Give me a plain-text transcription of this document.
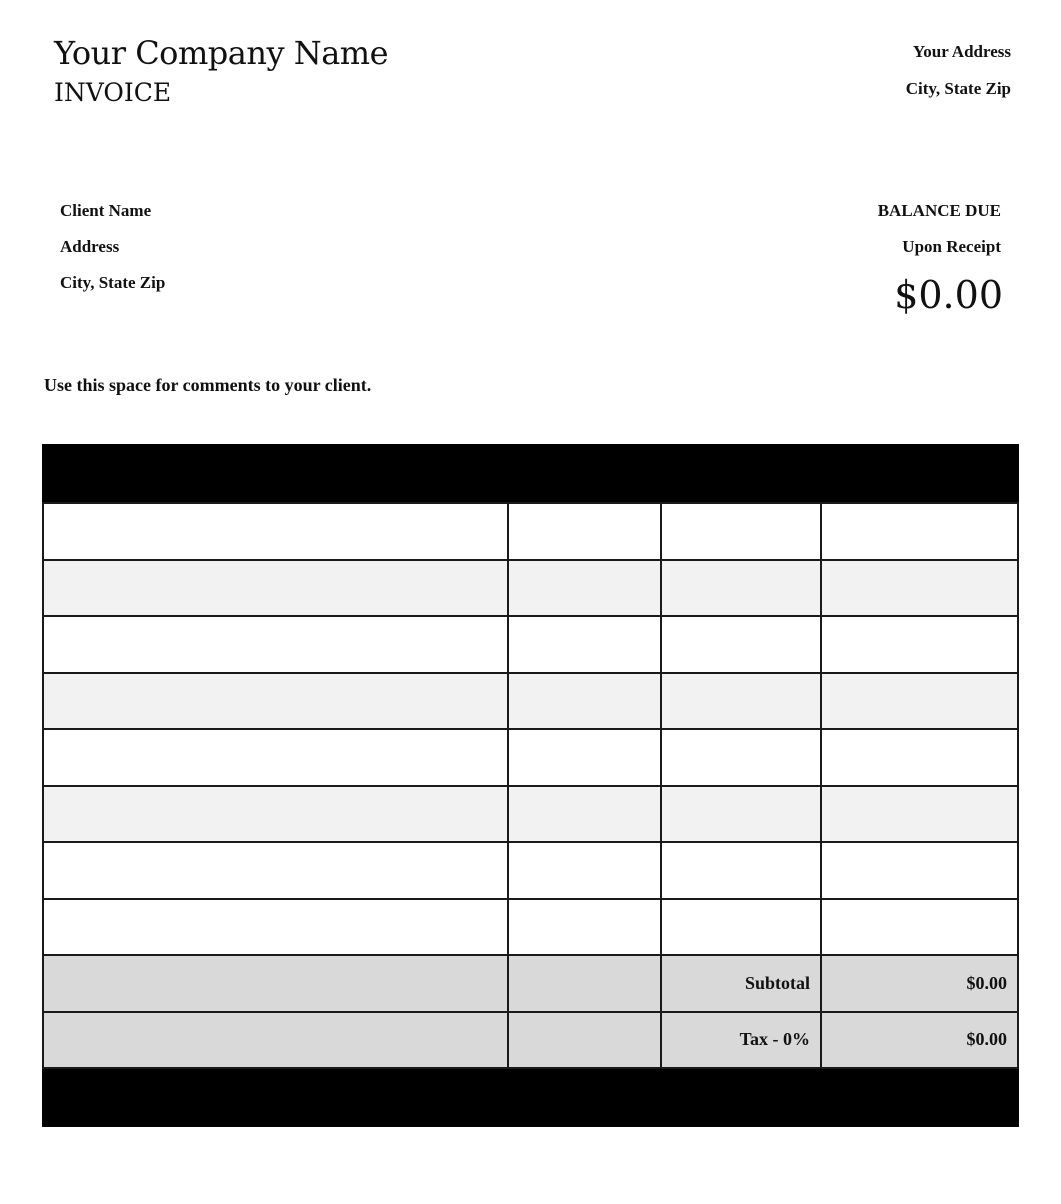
Your Company Name
INVOICE
Your Address
City, State Zip
Client Name
Address
City, State Zip
BALANCE DUE
Upon Receipt
$0.00
Use this space for comments to your client.

		Subtotal	$0.00
		Tax - 0%	$0.00
